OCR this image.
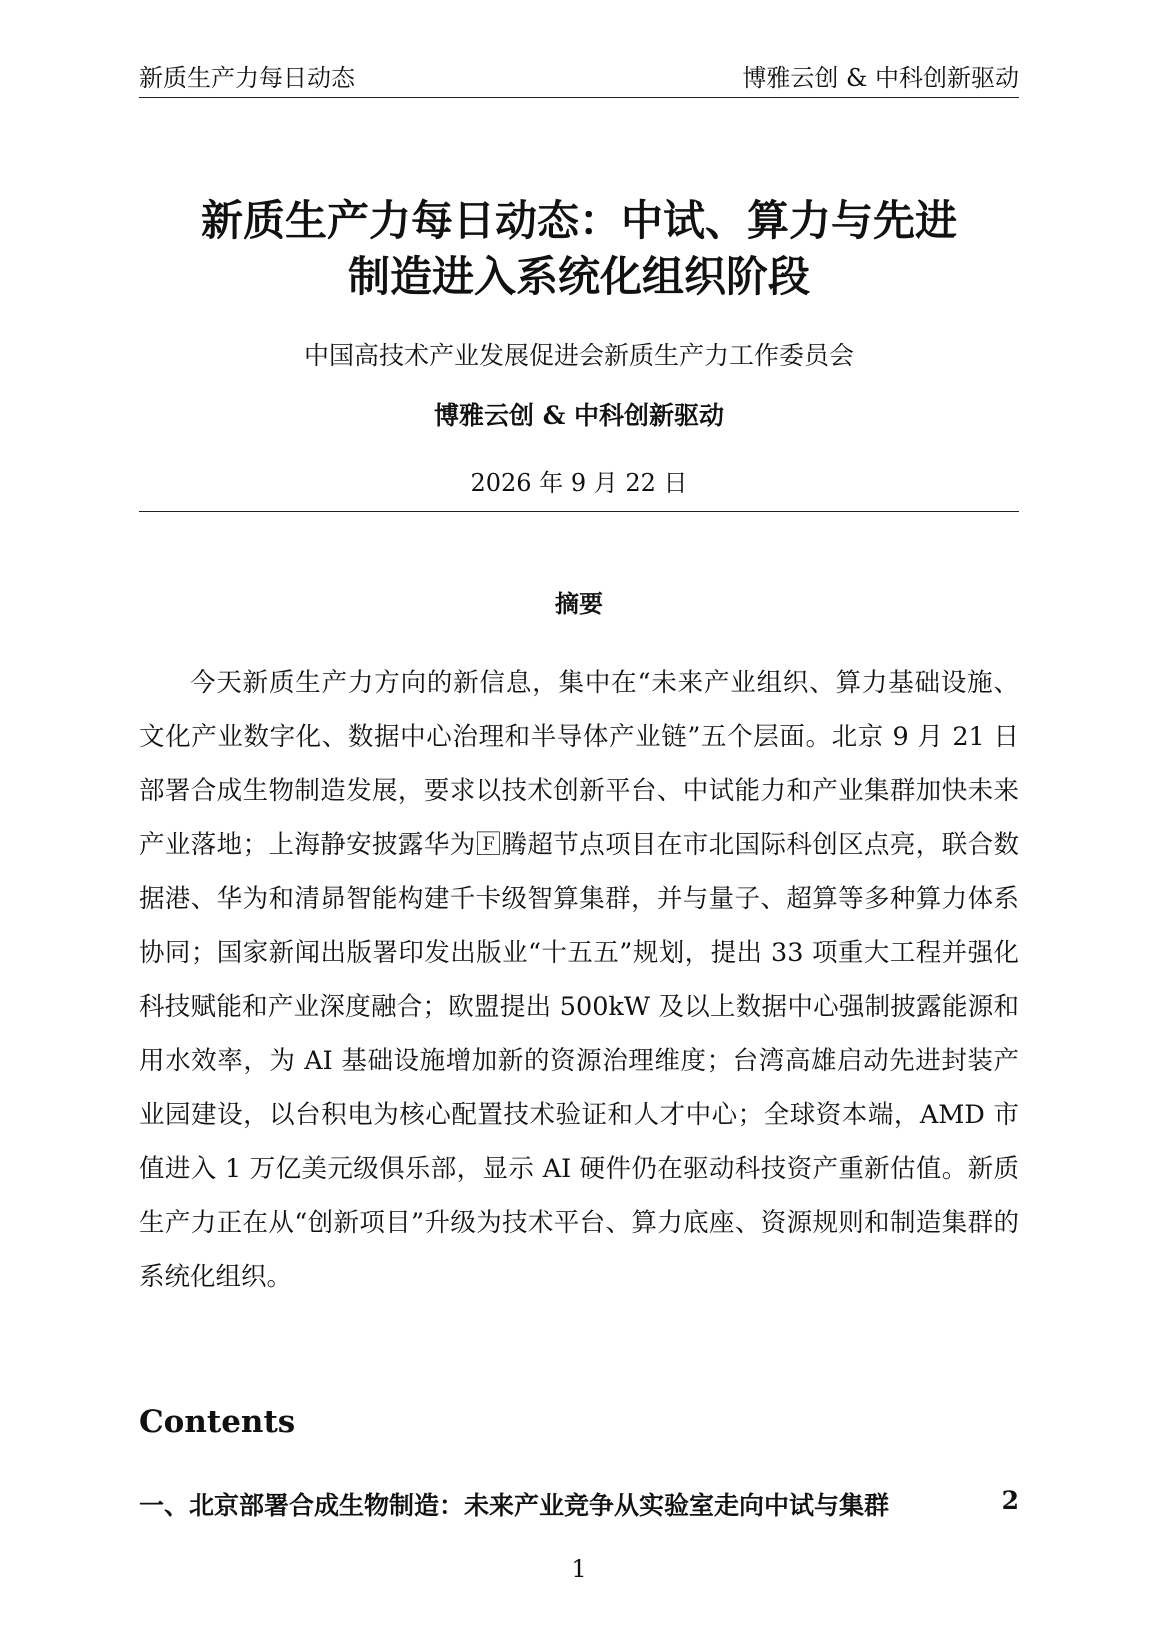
新质生产力每日动态	博雅云创 & 中科创新驱动
新质生产力每日动态：中试、算力与先进
制造进入系统化组织阶段
中国高技术产业发展促进会新质生产力工作委员会
博雅云创 & 中科创新驱动
2026 年 9 月 22 日
摘要

今天新质生产力方向的新信息，集中在“未来产业组织、算力基础设施、文化产业数字化、数据中心治理和半导体产业链”五个层面。北京 9 月 21 日部署合成生物制造发展，要求以技术创新平台、中试能力和产业集群加快未来产业落地；上海静安披露华为🄵腾超节点项目在市北国际科创区点亮，联合数据港、华为和清昴智能构建千卡级智算集群，并与量子、超算等多种算力体系协同；国家新闻出版署印发出版业“十五五”规划，提出 33 项重大工程并强化科技赋能和产业深度融合；欧盟提出 500kW 及以上数据中心强制披露能源和用水效率，为 AI 基础设施增加新的资源治理维度；台湾高雄启动先进封装产业园建设，以台积电为核心配置技术验证和人才中心；全球资本端，AMD 市值进入 1 万亿美元级俱乐部，显示 AI 硬件仍在驱动科技资产重新估值。新质生产力正在从“创新项目”升级为技术平台、算力底座、资源规则和制造集群的系统化组织。

Contents
一、北京部署合成生物制造：未来产业竞争从实验室走向中试与集群	2
1
